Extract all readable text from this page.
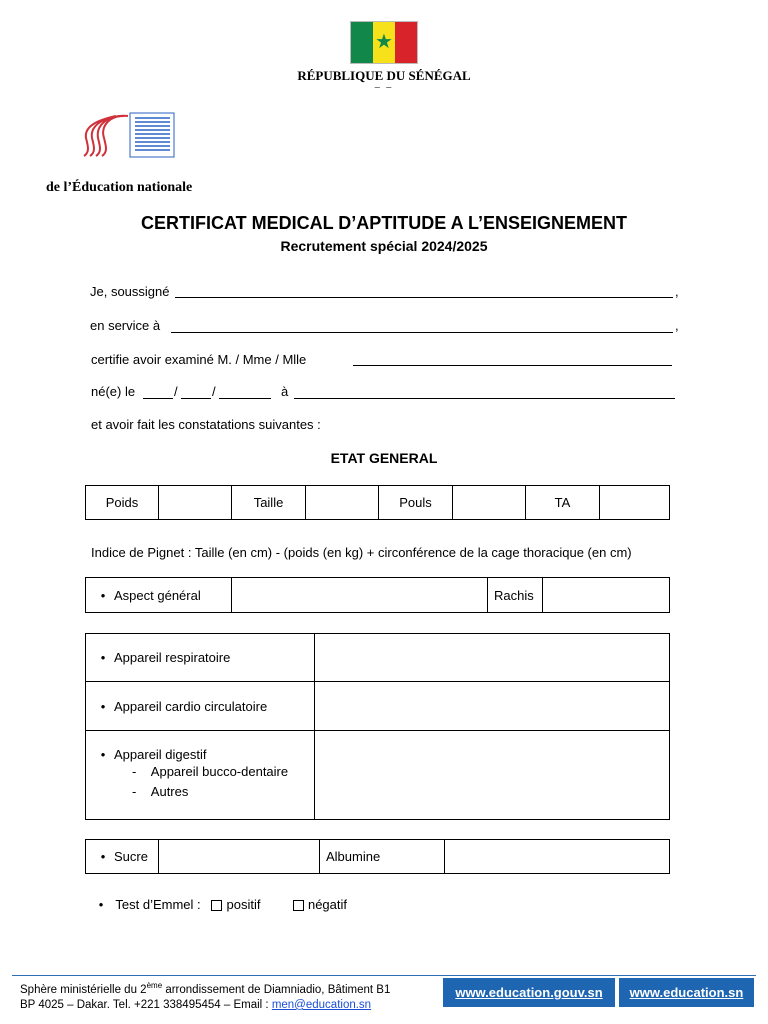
★
RÉPUBLIQUE DU SÉNÉGAL
– –
de l’Éducation nationale
CERTIFICAT MEDICAL D’APTITUDE A L’ENSEIGNEMENT
Recrutement spécial 2024/2025
Je, soussigné	,
en service à	,
certifie avoir examiné M. / Mme / Mlle
né(e) le	/	/	à
et avoir fait les constatations suivantes :
ETAT GENERAL
Poids		Taille		Pouls		TA	
Indice de Pignet : Taille (en cm) - (poids (en kg) + circonférence de la cage thoracique (en cm)
• Aspect général		Rachis	
• Appareil respiratoire	
• Appareil cardio circulatoire	

• Appareil digestif
- Appareil bucco-dentaire
- Autres	

• Sucre		Albumine	
• Test d’Emmel : positif	négatif
Sphère ministérielle du 2ème arrondissement de Diamniadio, Bâtiment B1
BP 4025 – Dakar. Tel. +221 338495454 – Email : men@education.sn
www.education.gouv.sn	www.education.sn
